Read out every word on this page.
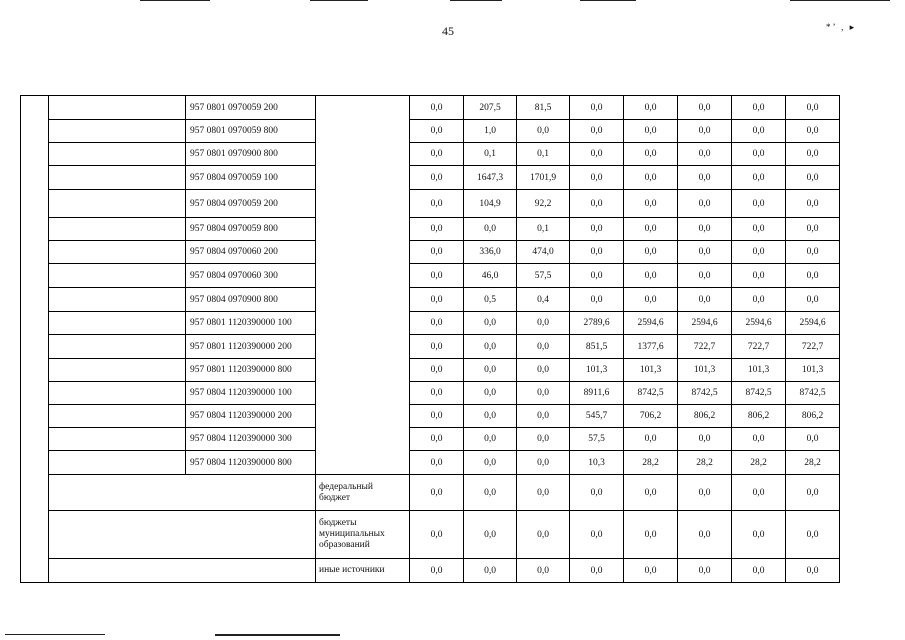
45	*’ , ▸
		957 0801 0970059 200		0,0	207,5	81,5	0,0	0,0	0,0	0,0	0,0
		957 0801 0970059 800		0,0	1,0	0,0	0,0	0,0	0,0	0,0	0,0
		957 0801 0970900 800		0,0	0,1	0,1	0,0	0,0	0,0	0,0	0,0
		957 0804 0970059 100		0,0	1647,3	1701,9	0,0	0,0	0,0	0,0	0,0
		957 0804 0970059 200		0,0	104,9	92,2	0,0	0,0	0,0	0,0	0,0
		957 0804 0970059 800		0,0	0,0	0,1	0,0	0,0	0,0	0,0	0,0
		957 0804 0970060 200		0,0	336,0	474,0	0,0	0,0	0,0	0,0	0,0
		957 0804 0970060 300		0,0	46,0	57,5	0,0	0,0	0,0	0,0	0,0
		957 0804 0970900 800		0,0	0,5	0,4	0,0	0,0	0,0	0,0	0,0
		957 0801 1120390000 100		0,0	0,0	0,0	2789,6	2594,6	2594,6	2594,6	2594,6
		957 0801 1120390000 200		0,0	0,0	0,0	851,5	1377,6	722,7	722,7	722,7
		957 0801 1120390000 800		0,0	0,0	0,0	101,3	101,3	101,3	101,3	101,3
		957 0804 1120390000 100		0,0	0,0	0,0	8911,6	8742,5	8742,5	8742,5	8742,5
		957 0804 1120390000 200		0,0	0,0	0,0	545,7	706,2	806,2	806,2	806,2
		957 0804 1120390000 300		0,0	0,0	0,0	57,5	0,0	0,0	0,0	0,0
		957 0804 1120390000 800		0,0	0,0	0,0	10,3	28,2	28,2	28,2	28,2
			федеральный бюджет	0,0	0,0	0,0	0,0	0,0	0,0	0,0	0,0
			бюджеты муниципальных образований	0,0	0,0	0,0	0,0	0,0	0,0	0,0	0,0
			иные источники	0,0	0,0	0,0	0,0	0,0	0,0	0,0	0,0
